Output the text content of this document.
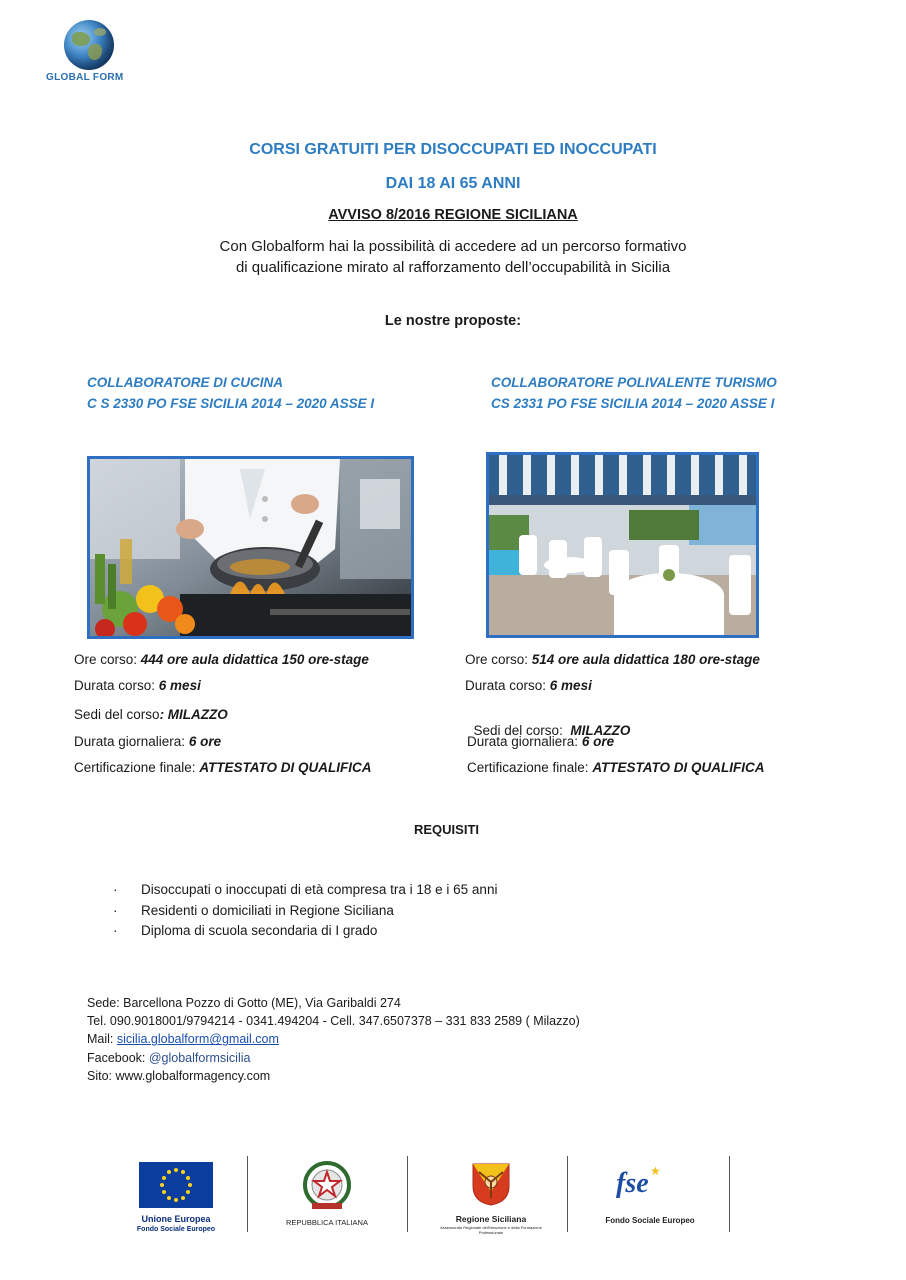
GLOBAL FORM
CORSI GRATUITI PER DISOCCUPATI ED INOCCUPATI
DAI 18 AI 65 ANNI
AVVISO 8/2016 REGIONE SICILIANA
Con Globalform hai la possibilità di accedere ad un percorso formativo
di qualificazione mirato al rafforzamento dell’occupabilità in Sicilia
Le nostre proposte:
COLLABORATORE DI CUCINA
C S 2330 PO FSE SICILIA 2014 – 2020 ASSE I
Ore corso: 444 ore aula didattica 150 ore-stage
Durata corso: 6 mesi
Sedi del corso: MILAZZO
Durata giornaliera: 6 ore
Certificazione finale: ATTESTATO DI QUALIFICA
COLLABORATORE POLIVALENTE TURISMO
CS 2331 PO FSE SICILIA 2014 – 2020 ASSE I
Ore corso: 514 ore aula didattica 180 ore-stage
Durata corso: 6 mesi

Sedi del corso:  MILAZZO

Durata giornaliera: 6 ore
Certificazione finale: ATTESTATO DI QUALIFICA
REQUISITI
·	Disoccupati o inoccupati di età compresa tra i 18 e i 65 anni
·	Residenti o domiciliati in Regione Siciliana
·	Diploma di scuola secondaria di I grado
Sede: Barcellona Pozzo di Gotto (ME), Via Garibaldi 274
Tel. 090.9018001/9794214 - 0341.494204 - Cell. 347.6507378 – 331 833 2589 ( Milazzo)
Mail: sicilia.globalform@gmail.com
Facebook: @globalformsicilia
Sito: www.globalformagency.com
Unione Europea
Fondo Sociale Europeo
REPUBBLICA ITALIANA	Regione Siciliana
Assessorato Regionale dell'Istruzione e della Formazione Professionale
fse ★
Fondo Sociale Europeo
